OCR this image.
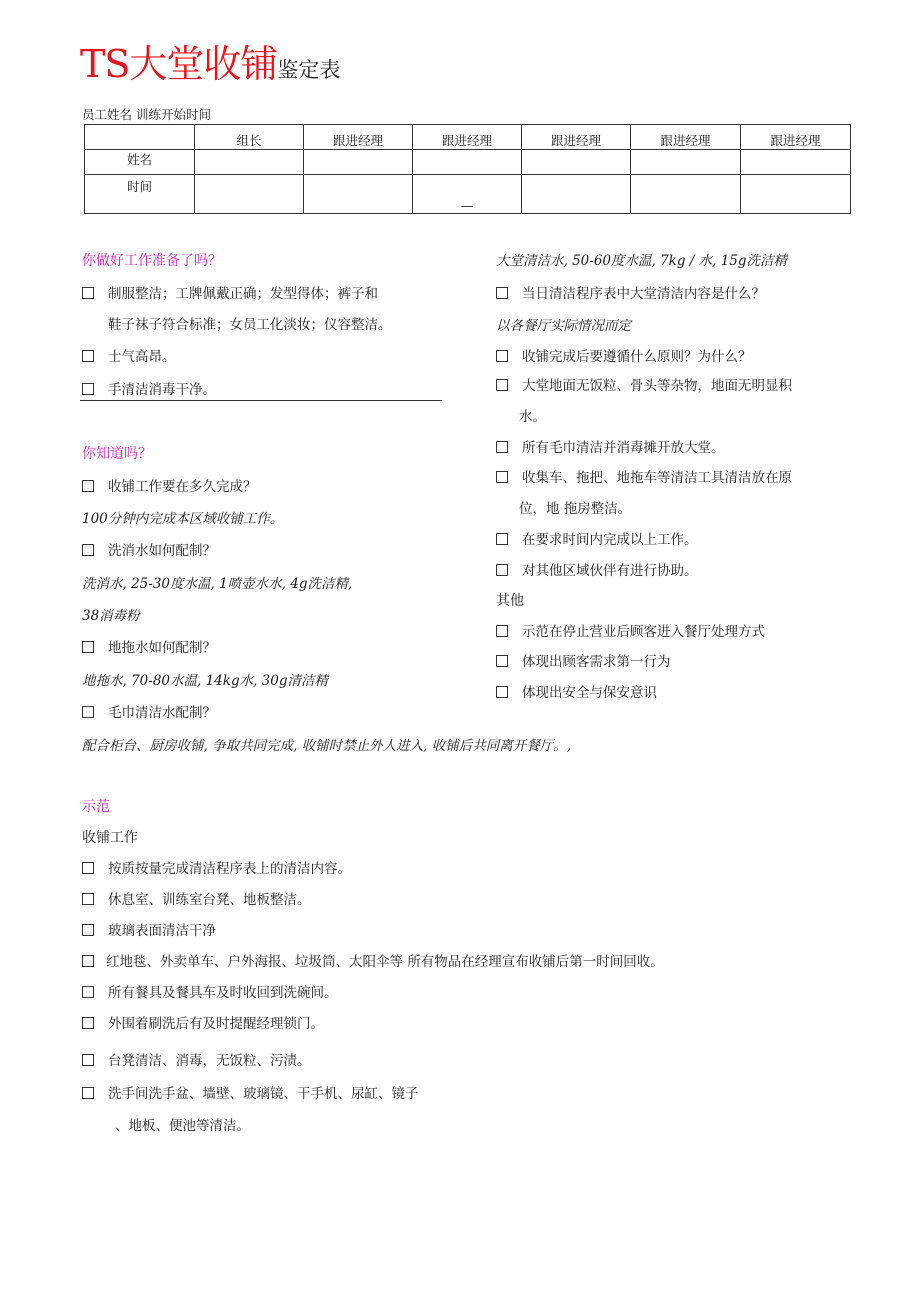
TS大堂收铺鉴定表
员工姓名 训练开始时间
	组长	跟进经理	跟进经理	跟进经理	跟进经理	跟进经理
姓名						
时间			—			
你做好工作准备了吗？
制服整洁；工牌佩戴正确；发型得体；裤子和
鞋子袜子符合标准；女员工化淡妆；仪容整洁。
士气高昂。
手清洁消毒干净。
你知道吗？
收铺工作要在多久完成？
100分钟内完成本区域收铺工作。
洗消水如何配制？
洗消水, 25-30度水温, 1喷壶水水, 4g洗洁精,
38消毒粉
地拖水如何配制？
地拖水, 70-80水温, 14kg水, 30g清洁精
毛巾清洁水配制？
配合柜台、厨房收铺, 争取共同完成, 收铺时禁止外人进入, 收铺后共同离开餐厅。,
大堂清洁水, 50-60度水温, 7kg / 水, 15g洗洁精
当日清洁程序表中大堂清洁内容是什么？
以各餐厅实际情况而定
收铺完成后要遵循什么原则？为什么？
大堂地面无饭粒、骨头等杂物，地面无明显积
水。
所有毛巾清洁并消毒摊开放大堂。
收集车、拖把、地拖车等清洁工具清洁放在原
位，地 拖房整洁。
在要求时间内完成以上工作。
对其他区域伙伴有进行协助。
其他
示范在停止营业后顾客进入餐厅处理方式
体现出顾客需求第一行为
体现出安全与保安意识
示范
收铺工作
按质按量完成清洁程序表上的清洁内容。
休息室、训练室台凳、地板整洁。
玻璃表面清洁干净
红地毯、外卖单车、户外海报、垃圾筒、太阳伞等 所有物品在经理宣布收铺后第一时间回收。
所有餐具及餐具车及时收回到洗碗间。
外围着刷洗后有及时提醒经理锁门。
台凳清洁、消毒，无饭粒、污渍。
洗手间洗手盆、墙壁、玻璃镜、干手机、尿缸、镜子
、地板、便池等清洁。
